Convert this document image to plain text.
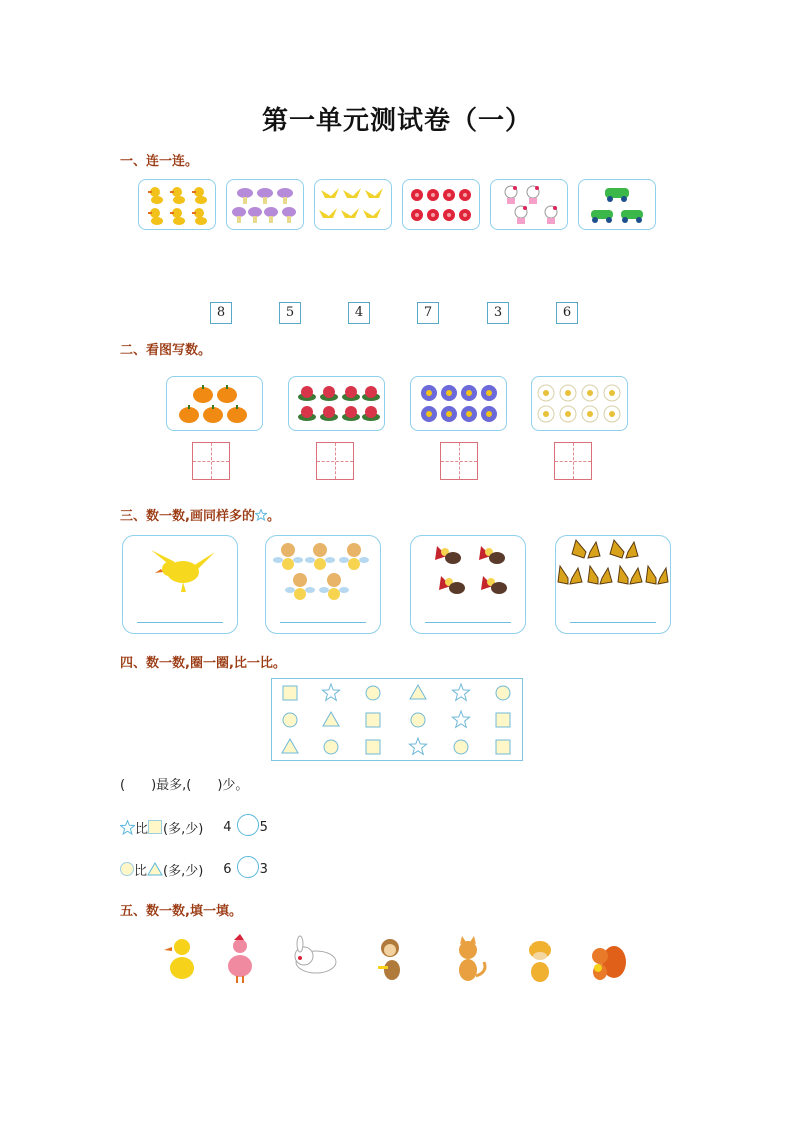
第一单元测试卷（一）
一、连一连。
8	5	4	7	3	6
二、看图写数。
三、数一数,画同样多的 。
四、数一数,圈一圈,比一比。
(　　)最多,(　　)少。
比 (多,少) 4 5
比 (多,少) 6 3
五、数一数,填一填。
